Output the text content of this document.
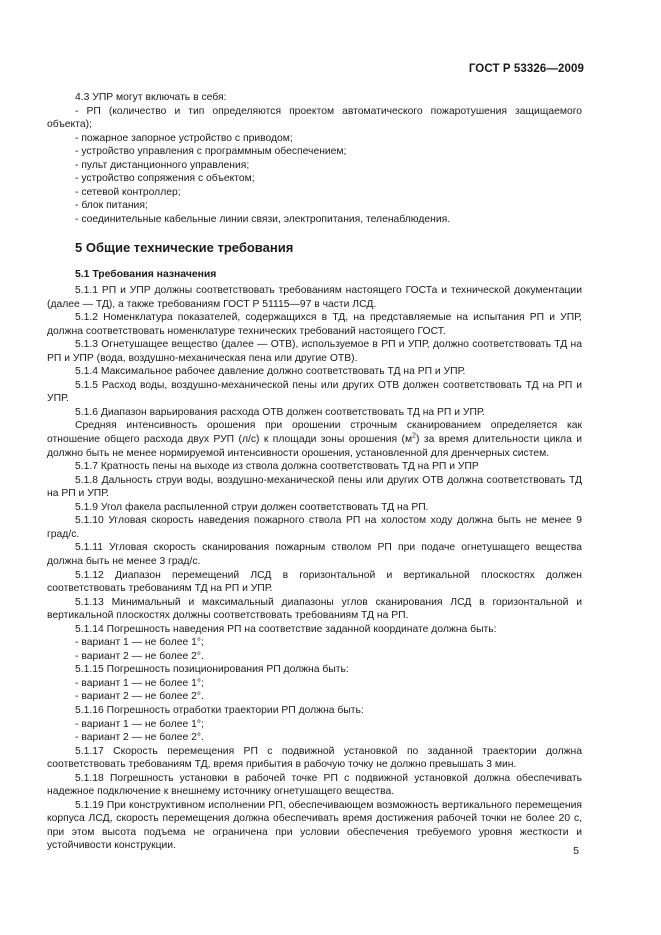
ГОСТ Р 53326—2009

4.3 УПР могут включать в себя:

- РП (количество и тип определяются проектом автоматического пожаротушения защищаемого объекта);

- пожарное запорное устройство с приводом;

- устройство управления с программным обеспечением;

- пульт дистанционного управления;

- устройство сопряжения с объектом;

- сетевой контроллер;

- блок питания;

- соединительные кабельные линии связи, электропитания, теленаблюдения.

5 Общие технические требования
5.1 Требования назначения

5.1.1 РП и УПР должны соответствовать требованиям настоящего ГОСТа и технической документации (далее — ТД), а также требованиям ГОСТ Р 51115—97 в части ЛСД.

5.1.2 Номенклатура показателей, содержащихся в ТД, на представляемые на испытания РП и УПР, должна соответствовать номенклатуре технических требований настоящего ГОСТ.

5.1.3 Огнетушащее вещество (далее — ОТВ), используемое в РП и УПР, должно соответствовать ТД на РП и УПР (вода, воздушно-механическая пена или другие ОТВ).

5.1.4 Максимальное рабочее давление должно соответствовать ТД на РП и УПР.

5.1.5 Расход воды, воздушно-механической пены или других ОТВ должен соответствовать ТД на РП и УПР.

5.1.6 Диапазон варьирования расхода ОТВ должен соответствовать ТД на РП и УПР.

Средняя интенсивность орошения при орошении строчным сканированием определяется как отношение общего расхода двух РУП (л/с) к площади зоны орошения $(м^2)$ за время длительности цикла и должно быть не менее нормируемой интенсивности орошения, установленной для дренчерных систем.

5.1.7 Кратность пены на выходе из ствола должна соответствовать ТД на РП и УПР

5.1.8 Дальность струи воды, воздушно-механической пены или других ОТВ должна соответствовать ТД на РП и УПР.

5.1.9 Угол факела распыленной струи должен соответствовать ТД на РП.

5.1.10 Угловая скорость наведения пожарного ствола РП на холостом ходу должна быть не менее 9 град/с.

5.1.11 Угловая скорость сканирования пожарным стволом РП при подаче огнетушащего вещества должна быть не менее 3 град/с.

5.1.12 Диапазон перемещений ЛСД в горизонтальной и вертикальной плоскостях должен соответствовать требованиям ТД на РП и УПР.

5.1.13 Минимальный и максимальный диапазоны углов сканирования ЛСД в горизонтальной и вертикальной плоскостях должны соответствовать требованиям ТД на РП.

5.1.14 Погрешность наведения РП на соответствие заданной координате должна быть:

- вариант 1 — не более 1°;

- вариант 2 — не более 2°.

5.1.15 Погрешность позиционирования РП должна быть:

- вариант 1 — не более 1°;

- вариант 2 — не более 2°.

5.1.16 Погрешность отработки траектории РП должна быть:

- вариант 1 — не более 1°;

- вариант 2 — не более 2°.

5.1.17 Скорость перемещения РП с подвижной установкой по заданной траектории должна соответствовать требованиям ТД, время прибытия в рабочую точку не должно превышать 3 мин.

5.1.18 Погрешность установки в рабочей точке РП с подвижной установкой должна обеспечивать надежное подключение к внешнему источнику огнетушащего вещества.

5.1.19 При конструктивном исполнении РП, обеспечивающем возможность вертикального перемещения корпуса ЛСД, скорость перемещения должна обеспечивать время достижения рабочей точки не более 20 с, при этом высота подъема не ограничена при условии обеспечения требуемого уровня жесткости и устойчивости конструкции.	5
